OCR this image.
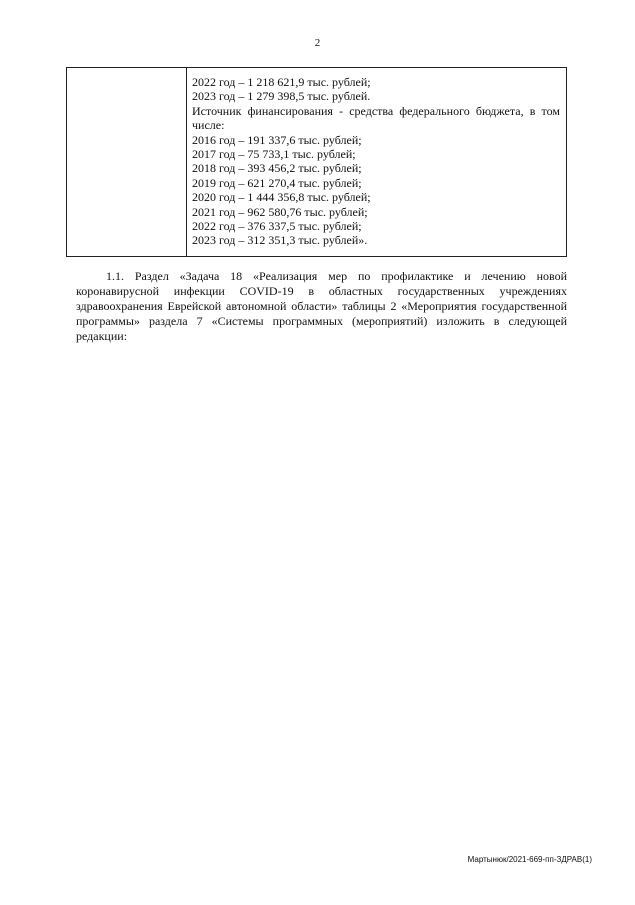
2
2022 год – 1 218 621,9 тыс. рублей;
2023 год – 1 279 398,5 тыс. рублей.
Источник финансирования - средства федерального бюджета, в том числе:
2016 год – 191 337,6 тыс. рублей;
2017 год – 75 733,1 тыс. рублей;
2018 год – 393 456,2 тыс. рублей;
2019 год – 621 270,4 тыс. рублей;
2020 год – 1 444 356,8 тыс. рублей;
2021 год – 962 580,76 тыс. рублей;
2022 год – 376 337,5 тыс. рублей;
2023 год – 312 351,3 тыс. рублей».
1.1. Раздел «Задача 18 «Реализация мер по профилактике и лечению новой коронавирусной инфекции COVID-19 в областных государственных учреждениях здравоохранения Еврейской автономной области» таблицы 2 «Мероприятия государственной программы» раздела 7 «Системы программных (мероприятий) изложить в следующей редакции:
Мартынюк/2021-669-пп-ЗДРАВ(1)
